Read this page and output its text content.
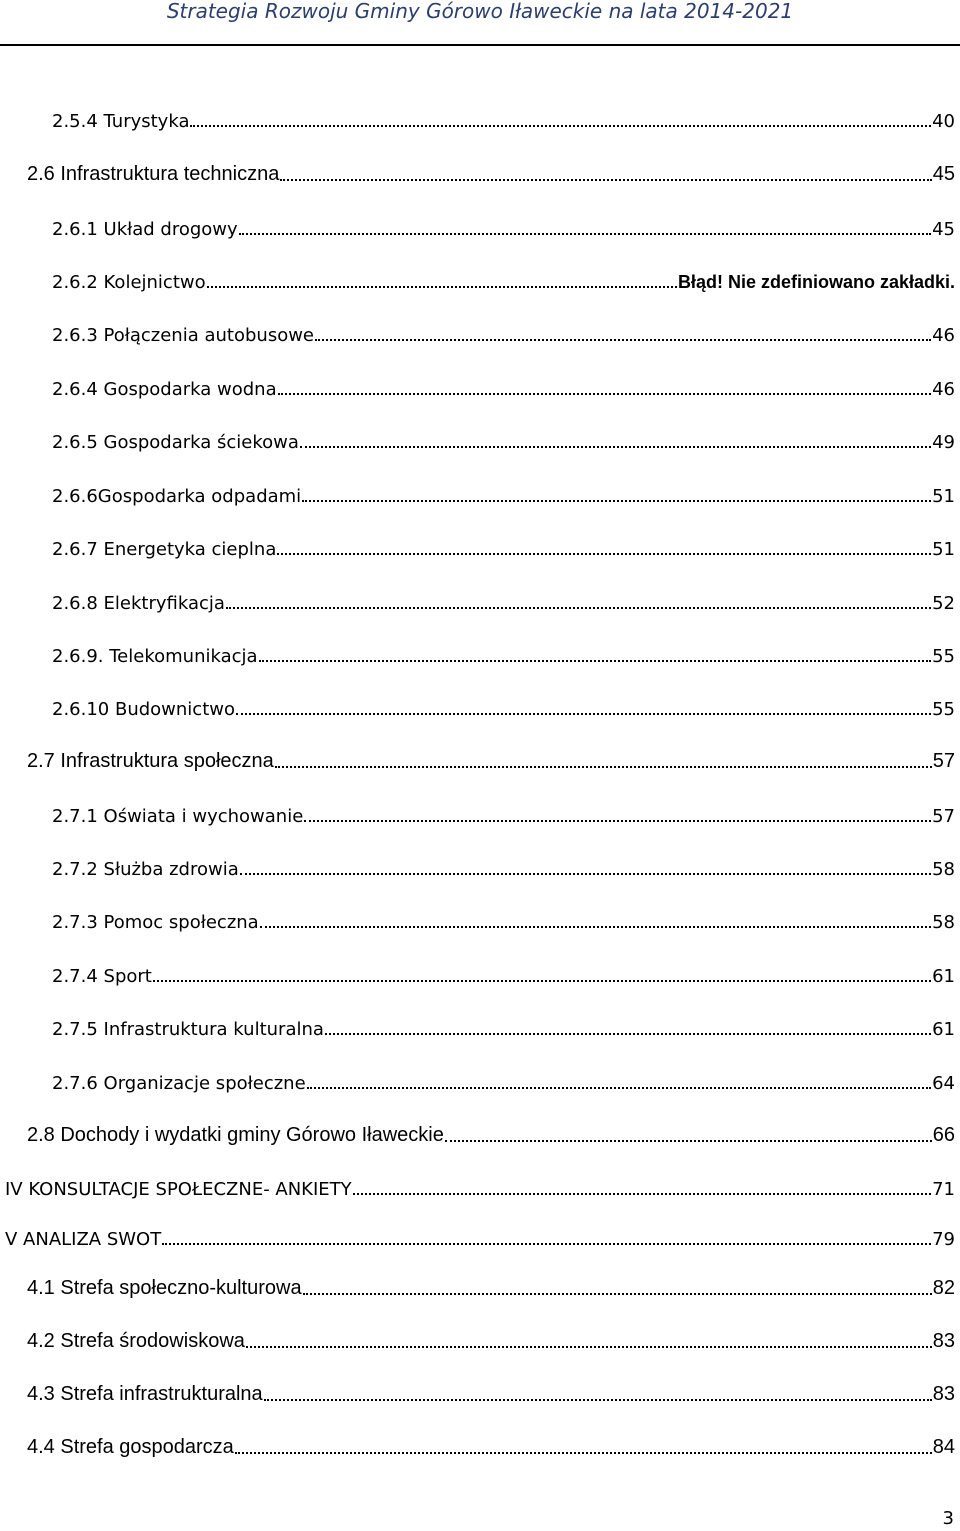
Strategia Rozwoju Gminy Górowo Iławeckie na lata 2014-2021
2.5.4 Turystyka	40
2.6 Infrastruktura techniczna	45
2.6.1 Układ drogowy	45
2.6.2 Kolejnictwo	Błąd! Nie zdefiniowano zakładki.
2.6.3 Połączenia autobusowe	46
2.6.4 Gospodarka wodna	46
2.6.5 Gospodarka ściekowa	49
2.6.6Gospodarka odpadami	51
2.6.7 Energetyka cieplna	51
2.6.8 Elektryfikacja	52
2.6.9. Telekomunikacja	55
2.6.10 Budownictwo	55
2.7 Infrastruktura społeczna	57
2.7.1 Oświata i wychowanie	57
2.7.2 Służba zdrowia	58
2.7.3 Pomoc społeczna	58
2.7.4 Sport	61
2.7.5 Infrastruktura kulturalna	61
2.7.6 Organizacje społeczne	64
2.8 Dochody i wydatki gminy Górowo Iławeckie	66
IV KONSULTACJE SPOŁECZNE- ANKIETY	71
V ANALIZA SWOT	79
4.1 Strefa społeczno-kulturowa	82
4.2 Strefa środowiskowa	83
4.3 Strefa infrastrukturalna	83
4.4 Strefa gospodarcza	84
3
